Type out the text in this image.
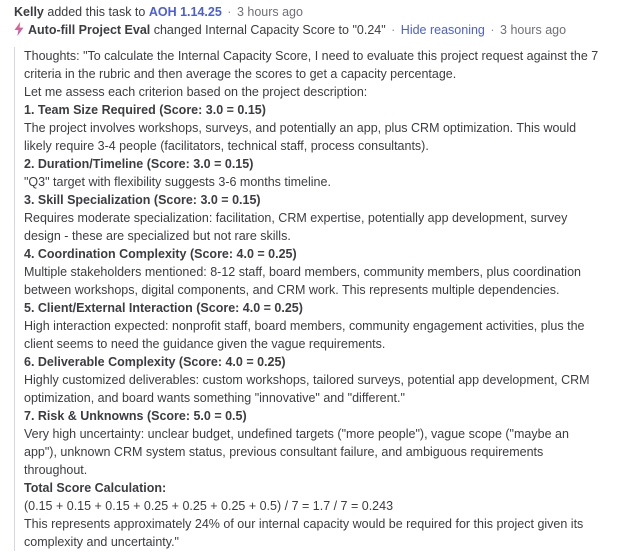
Kelly added this task to AOH 1.14.25 · 3 hours ago
Auto-fill Project Eval changed Internal Capacity Score to "0.24" · Hide reasoning · 3 hours ago

Thoughts: "To calculate the Internal Capacity Score, I need to evaluate this project request against the 7

criteria in the rubric and then average the scores to get a capacity percentage.

Let me assess each criterion based on the project description:

1. Team Size Required (Score: 3.0 = 0.15)

The project involves workshops, surveys, and potentially an app, plus CRM optimization. This would

likely require 3-4 people (facilitators, technical staff, process consultants).

2. Duration/Timeline (Score: 3.0 = 0.15)

"Q3" target with flexibility suggests 3-6 months timeline.

3. Skill Specialization (Score: 3.0 = 0.15)

Requires moderate specialization: facilitation, CRM expertise, potentially app development, survey

design - these are specialized but not rare skills.

4. Coordination Complexity (Score: 4.0 = 0.25)

Multiple stakeholders mentioned: 8-12 staff, board members, community members, plus coordination

between workshops, digital components, and CRM work. This represents multiple dependencies.

5. Client/External Interaction (Score: 4.0 = 0.25)

High interaction expected: nonprofit staff, board members, community engagement activities, plus the

client seems to need the guidance given the vague requirements.

6. Deliverable Complexity (Score: 4.0 = 0.25)

Highly customized deliverables: custom workshops, tailored surveys, potential app development, CRM

optimization, and board wants something "innovative" and "different."

7. Risk & Unknowns (Score: 5.0 = 0.5)

Very high uncertainty: unclear budget, undefined targets ("more people"), vague scope ("maybe an

app"), unknown CRM system status, previous consultant failure, and ambiguous requirements

throughout.

Total Score Calculation:

(0.15 + 0.15 + 0.15 + 0.25 + 0.25 + 0.25 + 0.5) / 7 = 1.7 / 7 = 0.243

This represents approximately 24% of our internal capacity would be required for this project given its

complexity and uncertainty."
